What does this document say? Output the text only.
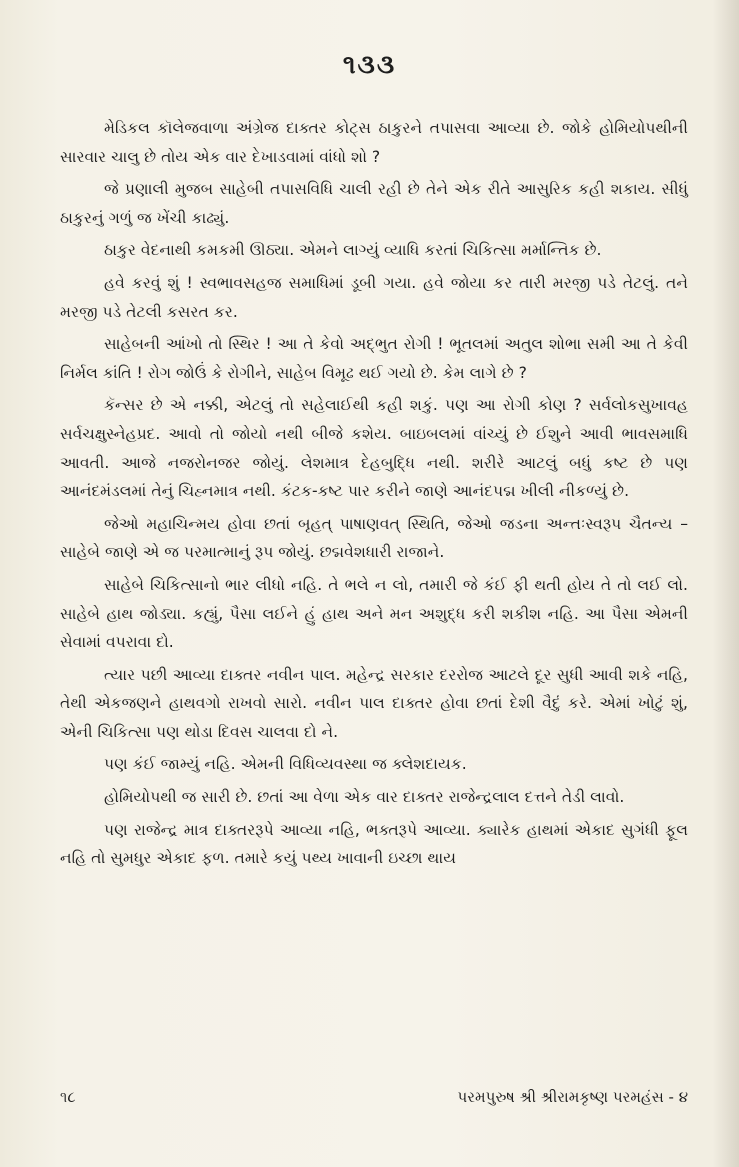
૧૩૩

મેડિકલ કૉલેજવાળા અંગ્રેજ દાક્તર કોટ્સ ઠાકુરને તપાસવા આવ્યા છે. જોકે હોમિયોપથીની સારવાર ચાલુ છે તોય એક વાર દેખાડવામાં વાંધો શો ?

જે પ્રણાલી મુજબ સાહેબી તપાસવિધિ ચાલી રહી છે તેને એક રીતે આસુરિક કહી શકાય. સીધું ઠાકુરનું ગળું જ ખેંચી કાઢ્યું.

ઠાકુર વેદનાથી કમકમી ઊઠ્યા. એમને લાગ્યું વ્યાધિ કરતાં ચિકિત્સા મર્માન્તિક છે.

હવે કરવું શું ! સ્વભાવસહજ સમાધિમાં ડૂબી ગયા. હવે જોયા કર તારી મરજી પડે તેટલું. તને મરજી પડે તેટલી કસરત કર.

સાહેબની આંખો તો સ્થિર ! આ તે કેવો અદ્ભુત રોગી ! ભૂતલમાં અતુલ શોભા સમી આ તે કેવી નિર્મલ કાંતિ ! રોગ જોઉં કે રોગીને, સાહેબ વિમૂઢ થઈ ગયો છે. કેમ લાગે છે ?

કૅન્સર છે એ નક્કી, એટલું તો સહેલાઈથી કહી શકું. પણ આ રોગી કોણ ? સર્વલોકસુખાવહ સર્વચક્ષુસ્નેહપ્રદ. આવો તો જોયો નથી બીજે કશેય. બાઇબલમાં વાંચ્યું છે ઈશુને આવી ભાવસમાધિ આવતી. આજે નજરોનજર જોયું. લેશમાત્ર દેહબુદ્ધિ નથી. શરીરે આટલું બધું કષ્ટ છે પણ આનંદમંડલમાં તેનું ચિહ્નમાત્ર નથી. કંટક-કષ્ટ પાર કરીને જાણે આનંદપદ્મ ખીલી નીકળ્યું છે.

જેઓ મહાચિન્મય હોવા છતાં બૃહત્ પાષાણવત્ સ્થિતિ, જેઓ જડના અન્તઃસ્વરૂપ ચૈતન્ય – સાહેબે જાણે એ જ પરમાત્માનું રૂપ જોયું. છદ્મવેશધારી રાજાને.

સાહેબે ચિકિત્સાનો ભાર લીધો નહિ. તે ભલે ન લો, તમારી જે કંઈ ફી થતી હોય તે તો લઈ લો. સાહેબે હાથ જોડ્યા. કહ્યું, પૈસા લઈને હું હાથ અને મન અશુદ્ધ કરી શકીશ નહિ. આ પૈસા એમની સેવામાં વપરાવા દો.

ત્યાર પછી આવ્યા દાક્તર નવીન પાલ. મહેન્દ્ર સરકાર દરરોજ આટલે દૂર સુધી આવી શકે નહિ, તેથી એકજણને હાથવગો રાખવો સારો. નવીન પાલ દાક્તર હોવા છતાં દેશી વૈદું કરે. એમાં ખોટું શું, એની ચિકિત્સા પણ થોડા દિવસ ચાલવા દો ને.

પણ કંઈ જામ્યું નહિ. એમની વિધિવ્યવસ્થા જ ક્લેશદાયક.

હોમિયોપથી જ સારી છે. છતાં આ વેળા એક વાર દાક્તર રાજેન્દ્રલાલ દત્તને તેડી લાવો.

પણ રાજેન્દ્ર માત્ર દાક્તરરૂપે આવ્યા નહિ, ભક્તરૂપે આવ્યા. ક્યારેક હાથમાં એકાદ સુગંધી ફૂલ નહિ તો સુમધુર એકાદ ફળ. તમારે કયું પથ્ય ખાવાની ઇચ્છા થાય

૧૮	પરમપુરુષ શ્રી શ્રીરામકૃષ્ણ પરમહંસ - ૪
